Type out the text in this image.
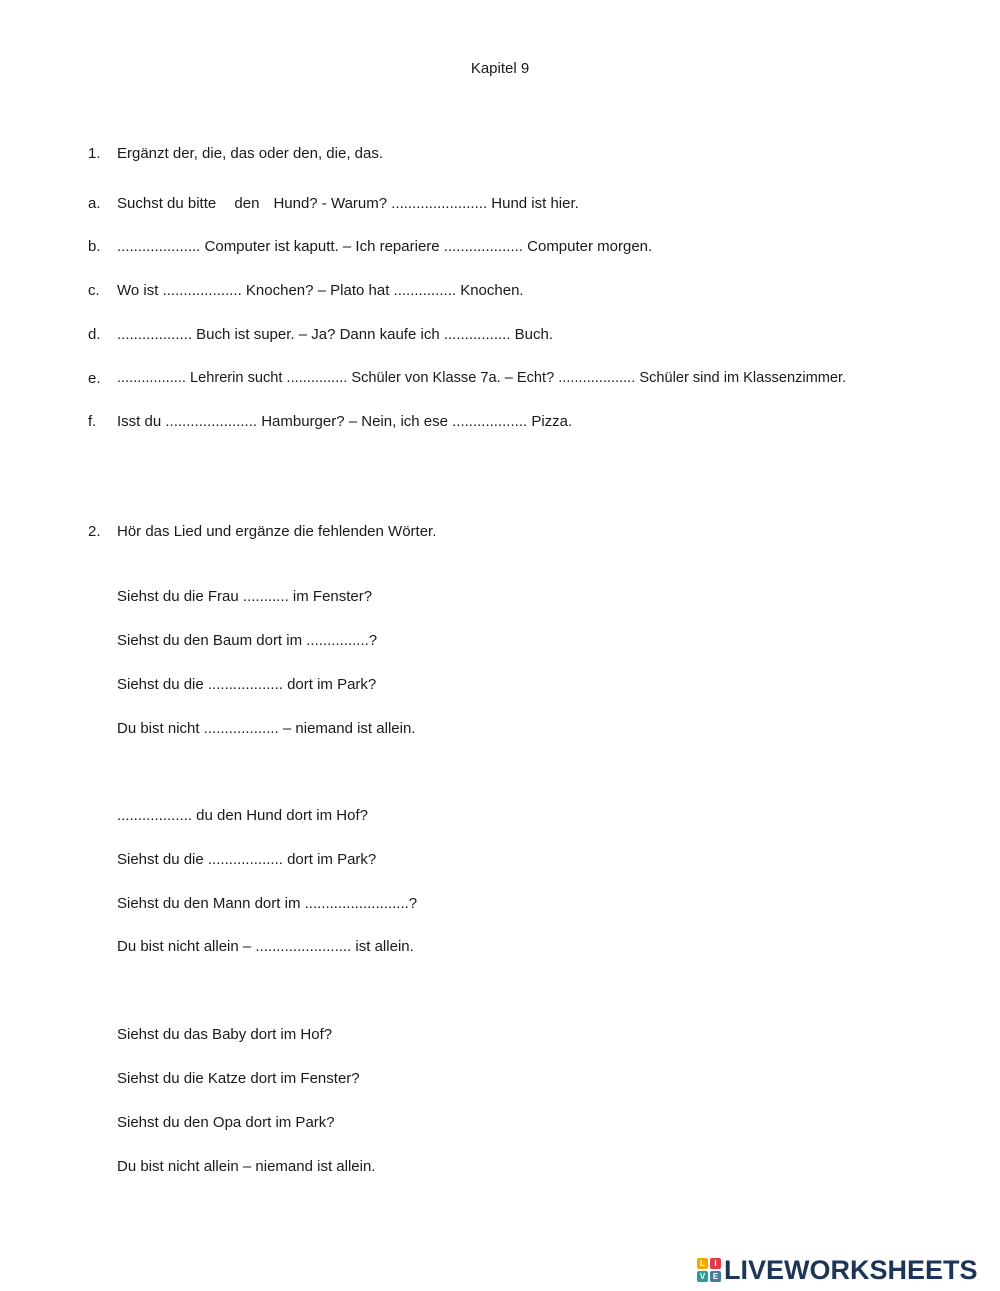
Kapitel 9
1. Ergänzt der, die, das oder den, die, das.
a. Suchst du bitte den Hund? - Warum? ....................... Hund ist hier.
b. .................... Computer ist kaputt. – Ich repariere ................... Computer morgen.
c. Wo ist ................... Knochen? – Plato hat ............... Knochen.
d. .................. Buch ist super. – Ja? Dann kaufe ich ................ Buch.
e. ................. Lehrerin sucht ............... Schüler von Klasse 7a. – Echt? ................... Schüler sind im Klassenzimmer.
f. Isst du ...................... Hamburger? – Nein, ich ese .................. Pizza.
2. Hör das Lied und ergänze die fehlenden Wörter.
Siehst du die Frau ........... im Fenster?
Siehst du den Baum dort im ...............?
Siehst du die .................. dort im Park?
Du bist nicht .................. – niemand ist allein.
.................. du den Hund dort im Hof?
Siehst du die .................. dort im Park?
Siehst du den Mann dort im .........................?
Du bist nicht allein – ....................... ist allein.
Siehst du das Baby dort im Hof?
Siehst du die Katze dort im Fenster?
Siehst du den Opa dort im Park?
Du bist nicht allein – niemand ist allein.
L	I
V E LIVEWORKSHEETS
